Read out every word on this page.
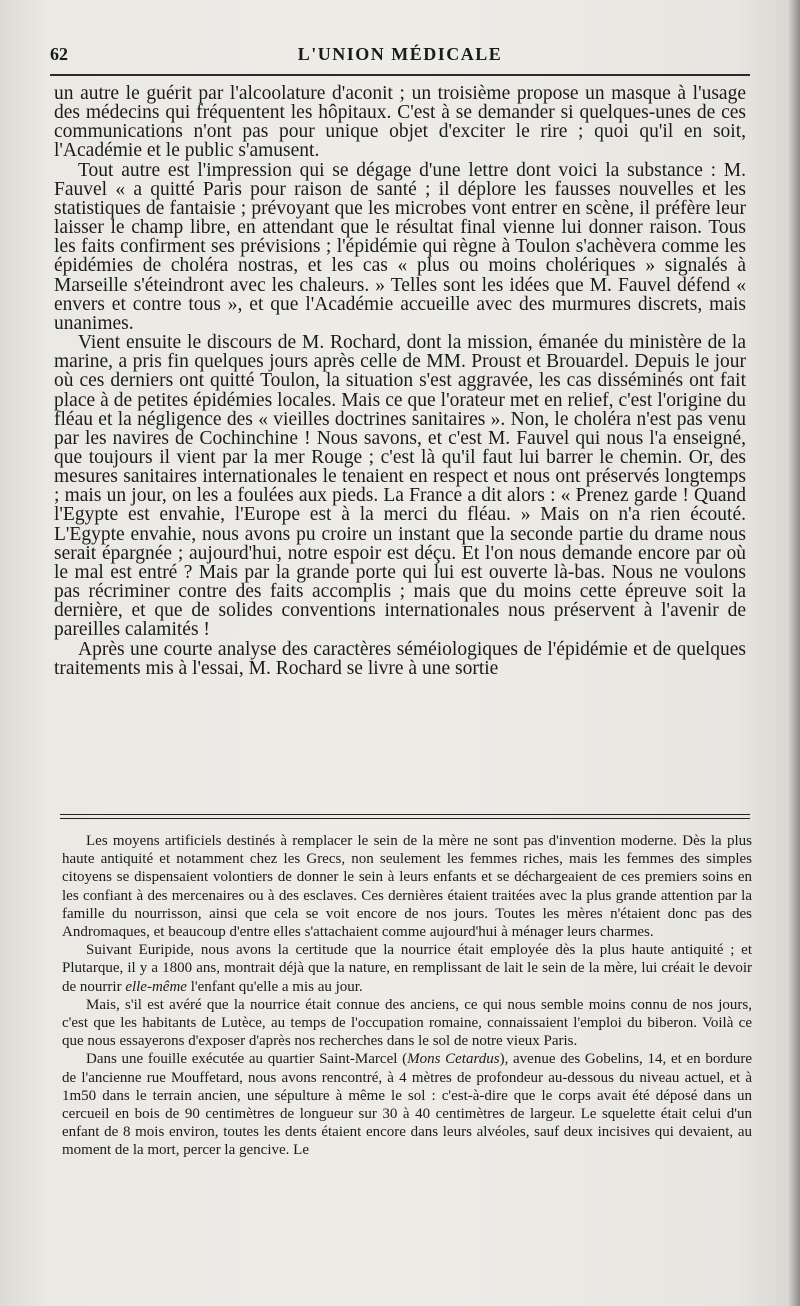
62	L'UNION MÉDICALE

un autre le guérit par l'alcoolature d'aconit ; un troisième propose un masque à l'usage des médecins qui fréquentent les hôpitaux. C'est à se demander si quelques-unes de ces communications n'ont pas pour unique objet d'exciter le rire ; quoi qu'il en soit, l'Académie et le public s'amusent.

Tout autre est l'impression qui se dégage d'une lettre dont voici la substance : M. Fauvel « a quitté Paris pour raison de santé ; il déplore les fausses nouvelles et les statistiques de fantaisie ; prévoyant que les microbes vont entrer en scène, il préfère leur laisser le champ libre, en attendant que le résultat final vienne lui donner raison. Tous les faits confirment ses prévisions ; l'épidémie qui règne à Toulon s'achèvera comme les épidémies de choléra nostras, et les cas « plus ou moins cholériques » signalés à Marseille s'éteindront avec les chaleurs. » Telles sont les idées que M. Fauvel défend « envers et contre tous », et que l'Académie accueille avec des murmures discrets, mais unanimes.

Vient ensuite le discours de M. Rochard, dont la mission, émanée du ministère de la marine, a pris fin quelques jours après celle de MM. Proust et Brouardel. Depuis le jour où ces derniers ont quitté Toulon, la situation s'est aggravée, les cas disséminés ont fait place à de petites épidémies locales. Mais ce que l'orateur met en relief, c'est l'origine du fléau et la négligence des « vieilles doctrines sanitaires ». Non, le choléra n'est pas venu par les navires de Cochinchine ! Nous savons, et c'est M. Fauvel qui nous l'a enseigné, que toujours il vient par la mer Rouge ; c'est là qu'il faut lui barrer le chemin. Or, des mesures sanitaires internationales le tenaient en respect et nous ont préservés longtemps ; mais un jour, on les a foulées aux pieds. La France a dit alors : « Prenez garde ! Quand l'Egypte est envahie, l'Europe est à la merci du fléau. » Mais on n'a rien écouté. L'Egypte envahie, nous avons pu croire un instant que la seconde partie du drame nous serait épargnée ; aujourd'hui, notre espoir est déçu. Et l'on nous demande encore par où le mal est entré ? Mais par la grande porte qui lui est ouverte là-bas. Nous ne voulons pas récriminer contre des faits accomplis ; mais que du moins cette épreuve soit la dernière, et que de solides conventions internationales nous préservent à l'avenir de pareilles calamités !

Après une courte analyse des caractères séméiologiques de l'épidémie et de quelques traitements mis à l'essai, M. Rochard se livre à une sortie

Les moyens artificiels destinés à remplacer le sein de la mère ne sont pas d'invention moderne. Dès la plus haute antiquité et notamment chez les Grecs, non seulement les femmes riches, mais les femmes des simples citoyens se dispensaient volontiers de donner le sein à leurs enfants et se déchargeaient de ces premiers soins en les confiant à des mercenaires ou à des esclaves. Ces dernières étaient traitées avec la plus grande attention par la famille du nourrisson, ainsi que cela se voit encore de nos jours. Toutes les mères n'étaient donc pas des Andromaques, et beaucoup d'entre elles s'attachaient comme aujourd'hui à ménager leurs charmes.

Suivant Euripide, nous avons la certitude que la nourrice était employée dès la plus haute antiquité ; et Plutarque, il y a 1800 ans, montrait déjà que la nature, en remplissant de lait le sein de la mère, lui créait le devoir de nourrir elle-même l'enfant qu'elle a mis au jour.

Mais, s'il est avéré que la nourrice était connue des anciens, ce qui nous semble moins connu de nos jours, c'est que les habitants de Lutèce, au temps de l'occupation romaine, connaissaient l'emploi du biberon. Voilà ce que nous essayerons d'exposer d'après nos recherches dans le sol de notre vieux Paris.

Dans une fouille exécutée au quartier Saint-Marcel (Mons Cetardus), avenue des Gobelins, 14, et en bordure de l'ancienne rue Mouffetard, nous avons rencontré, à 4 mètres de profondeur au-dessous du niveau actuel, et à 1m50 dans le terrain ancien, une sépulture à même le sol : c'est-à-dire que le corps avait été déposé dans un cercueil en bois de 90 centimètres de longueur sur 30 à 40 centimètres de largeur. Le squelette était celui d'un enfant de 8 mois environ, toutes les dents étaient encore dans leurs alvéoles, sauf deux incisives qui devaient, au moment de la mort, percer la gencive. Le
